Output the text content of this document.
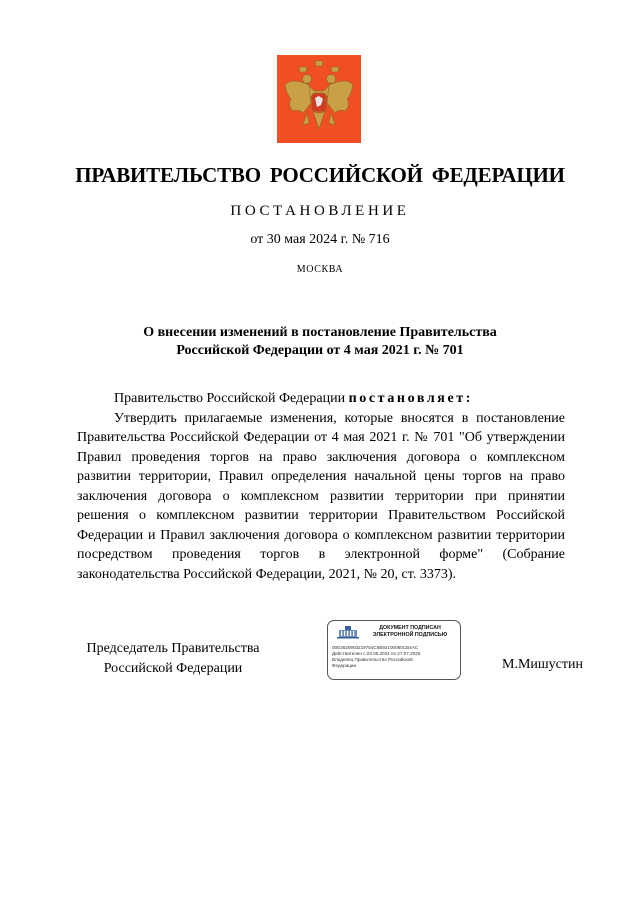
ПРАВИТЕЛЬСТВО РОССИЙСКОЙ ФЕДЕРАЦИИ
ПОСТАНОВЛЕНИЕ
от 30 мая 2024 г. № 716
МОСКВА
О внесении изменений в постановление Правительства
Российской Федерации от 4 мая 2021 г. № 701

Правительство Российской Федерации постановляет:

Утвердить прилагаемые изменения, которые вносятся в постановление Правительства Российской Федерации от 4 мая 2021 г. № 701 "Об утверждении Правил проведения торгов на право заключения договора о комплексном развитии территории, Правил определения начальной цены торгов на право заключения договора о комплексном развитии территории при принятии решения о комплексном развитии территории Правительством Российской Федерации и Правил заключения договора о комплексном развитии территории посредством проведения торгов в электронной форме" (Собрание законодательства Российской Федерации, 2021, № 20, ст. 3373).

Председатель Правительства
Российской Федерации	М.Мишустин
ДОКУМЕНТ ПОДПИСАН
ЭЛЕКТРОННОЙ ПОДПИСЬЮ
00E3620903219754C6B92100080CB4AC
Действителен с 03.05.2024 по 27.07.2025
Владелец Правительство Российской
Федерации
